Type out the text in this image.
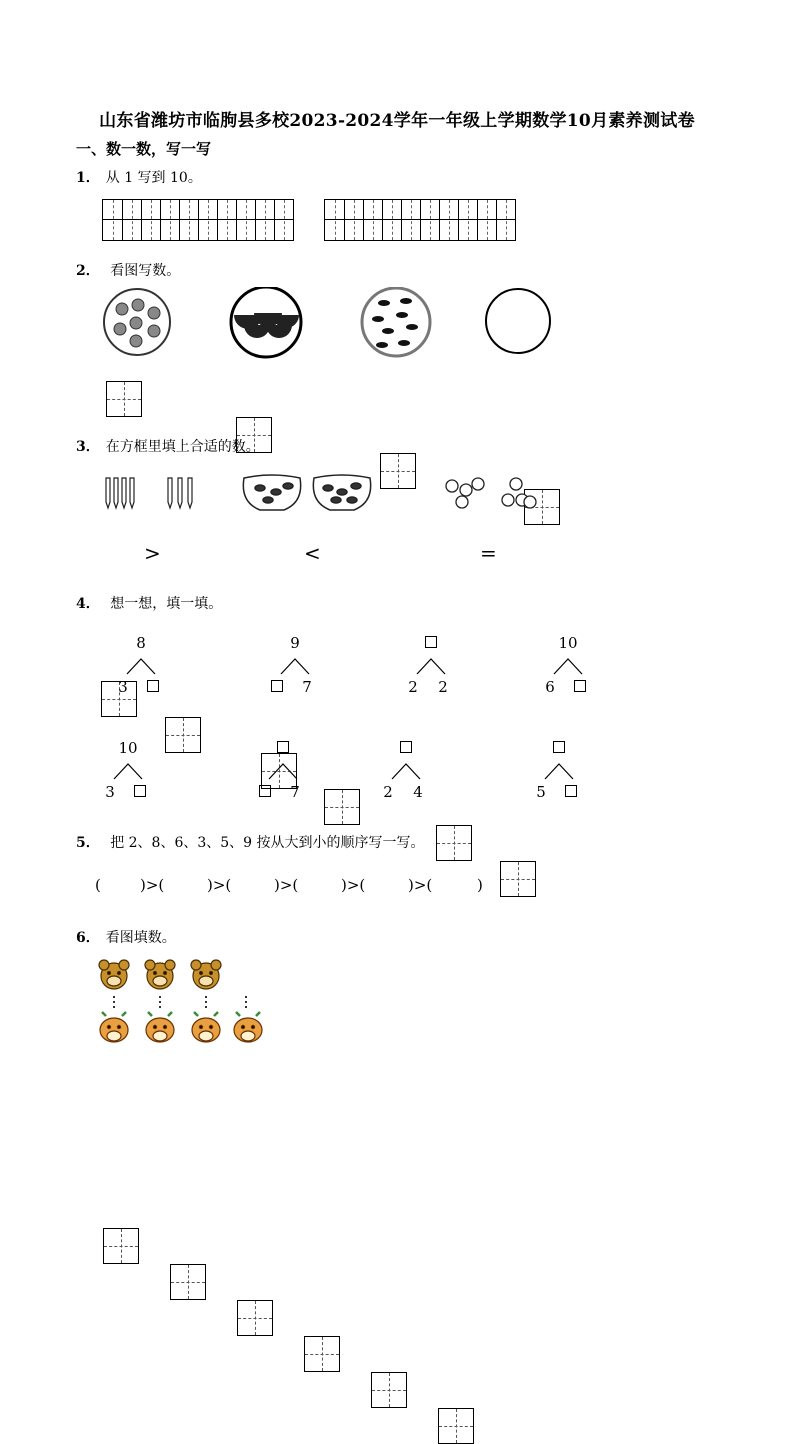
山东省潍坊市临朐县多校2023-2024学年一年级上学期数学10月素养测试卷
一、数一数，写一写
1． 从 1 写到 10。
2． 看图写数。
3． 在方框里填上合适的数。
>	<	=
4． 想一想，填一填。
8
3
9
7	2	2
10
6
10
3	7	2	4	5
5． 把 2、8、6、3、5、9 按从大到小的顺序写一写。
(	)>(	)>(	)>(	)>(	)>(	)
6． 看图填数。
